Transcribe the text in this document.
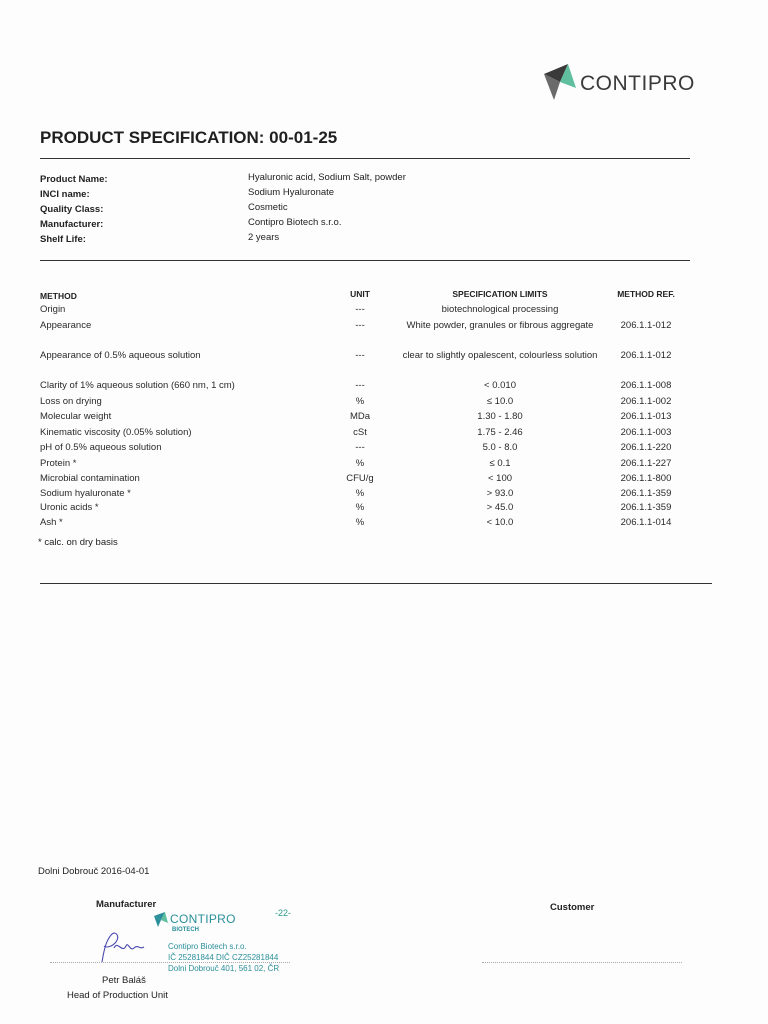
CONTIPRO
PRODUCT SPECIFICATION: 00-01-25
Product Name:	Hyaluronic acid, Sodium Salt, powder
INCI name:	Sodium Hyaluronate
Quality Class:	Cosmetic
Manufacturer:	Contipro Biotech s.r.o.
Shelf Life:	2 years
METHOD	UNIT	SPECIFICATION LIMITS	METHOD REF.
Origin	---	biotechnological processing
Appearance	---	White powder, granules or fibrous aggregate	206.1.1-012
Appearance of 0.5% aqueous solution	---	clear to slightly opalescent, colourless solution	206.1.1-012
Clarity of 1% aqueous solution (660 nm, 1 cm)	---	< 0.010	206.1.1-008
Loss on drying	%	≤ 10.0	206.1.1-002
Molecular weight	MDa	1.30 - 1.80	206.1.1-013
Kinematic viscosity (0.05% solution)	cSt	1.75 - 2.46	206.1.1-003
pH of 0.5% aqueous solution	---	5.0 - 8.0	206.1.1-220
Protein *	%	≤ 0.1	206.1.1-227
Microbial contamination	CFU/g	< 100	206.1.1-800
Sodium hyaluronate *	%	> 93.0	206.1.1-359
Uronic acids *	%	> 45.0	206.1.1-359
Ash *	%	< 10.0	206.1.1-014
* calc. on dry basis
Dolni Dobrouč 2016-04-01
Manufacturer	Customer
-22-
CONTIPRO
BIOTECH
Contipro Biotech s.r.o.
IČ 25281844 DIČ CZ25281844
Dolni Dobrouč 401, 561 02, ČR
Petr Baláš
Head of Production Unit
